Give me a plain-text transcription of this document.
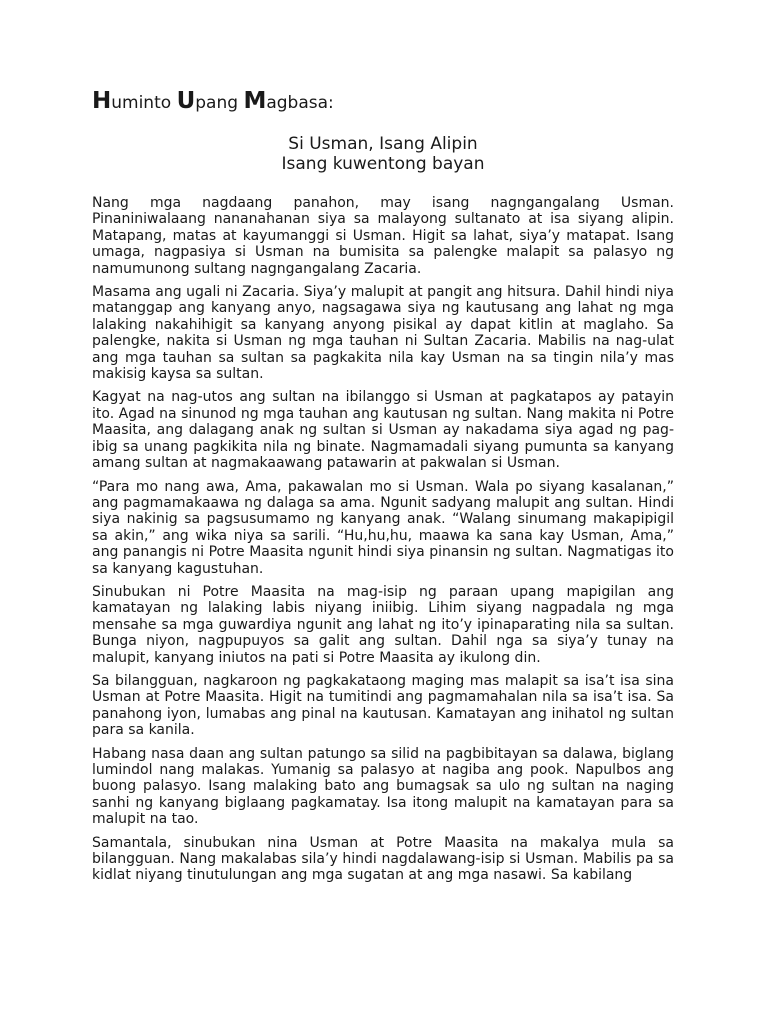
Huminto Upang Magbasa:
Si Usman, Isang Alipin
Isang kuwentong bayan

Nang mga nagdaang panahon, may isang nagngangalang Usman. Pinaniniwalaang nananahanan siya sa malayong sultanato at isa siyang alipin. Matapang, matas at kayumanggi si Usman. Higit sa lahat, siya’y matapat. Isang umaga, nagpasiya si Usman na bumisita sa palengke malapit sa palasyo ng namumunong sultang nagngangalang Zacaria.

Masama ang ugali ni Zacaria. Siya’y malupit at pangit ang hitsura. Dahil hindi niya matanggap ang kanyang anyo, nagsagawa siya ng kautusang ang lahat ng mga lalaking nakahihigit sa kanyang anyong pisikal ay dapat kitlin at maglaho. Sa palengke, nakita si Usman ng mga tauhan ni Sultan Zacaria. Mabilis na nag-ulat ang mga tauhan sa sultan sa pagkakita nila kay Usman na sa tingin nila’y mas makisig kaysa sa sultan.

Kagyat na nag-utos ang sultan na ibilanggo si Usman at pagkatapos ay patayin ito. Agad na sinunod ng mga tauhan ang kautusan ng sultan. Nang makita ni Potre Maasita, ang dalagang anak ng sultan si Usman ay nakadama siya agad ng pag-ibig sa unang pagkikita nila ng binate. Nagmamadali siyang pumunta sa kanyang amang sultan at nagmakaawang patawarin at pakwalan si Usman.

“Para mo nang awa, Ama, pakawalan mo si Usman. Wala po siyang kasalanan,” ang pagmamakaawa ng dalaga sa ama. Ngunit sadyang malupit ang sultan. Hindi siya nakinig sa pagsusumamo ng kanyang anak. “Walang sinumang makapipigil sa akin,” ang wika niya sa sarili. “Hu,hu,hu, maawa ka sana kay Usman, Ama,” ang panangis ni Potre Maasita ngunit hindi siya pinansin ng sultan. Nagmatigas ito sa kanyang kagustuhan.

Sinubukan ni Potre Maasita na mag-isip ng paraan upang mapigilan ang kamatayan ng lalaking labis niyang iniibig. Lihim siyang nagpadala ng mga mensahe sa mga guwardiya ngunit ang lahat ng ito’y ipinaparating nila sa sultan. Bunga niyon, nagpupuyos sa galit ang sultan. Dahil nga sa siya’y tunay na malupit, kanyang iniutos na pati si Potre Maasita ay ikulong din.

Sa bilangguan, nagkaroon ng pagkakataong maging mas malapit sa isa’t isa sina Usman at Potre Maasita. Higit na tumitindi ang pagmamahalan nila sa isa’t isa. Sa panahong iyon, lumabas ang pinal na kautusan. Kamatayan ang inihatol ng sultan para sa kanila.

Habang nasa daan ang sultan patungo sa silid na pagbibitayan sa dalawa, biglang lumindol nang malakas. Yumanig sa palasyo at nagiba ang pook. Napulbos ang buong palasyo. Isang malaking bato ang bumagsak sa ulo ng sultan na naging sanhi ng kanyang biglaang pagkamatay. Isa itong malupit na kamatayan para sa malupit na tao.

Samantala, sinubukan nina Usman at Potre Maasita na makalya mula sa bilangguan. Nang makalabas sila’y hindi nagdalawang-isip si Usman. Mabilis pa sa kidlat niyang tinutulungan ang mga sugatan at ang mga nasawi. Sa kabilang
